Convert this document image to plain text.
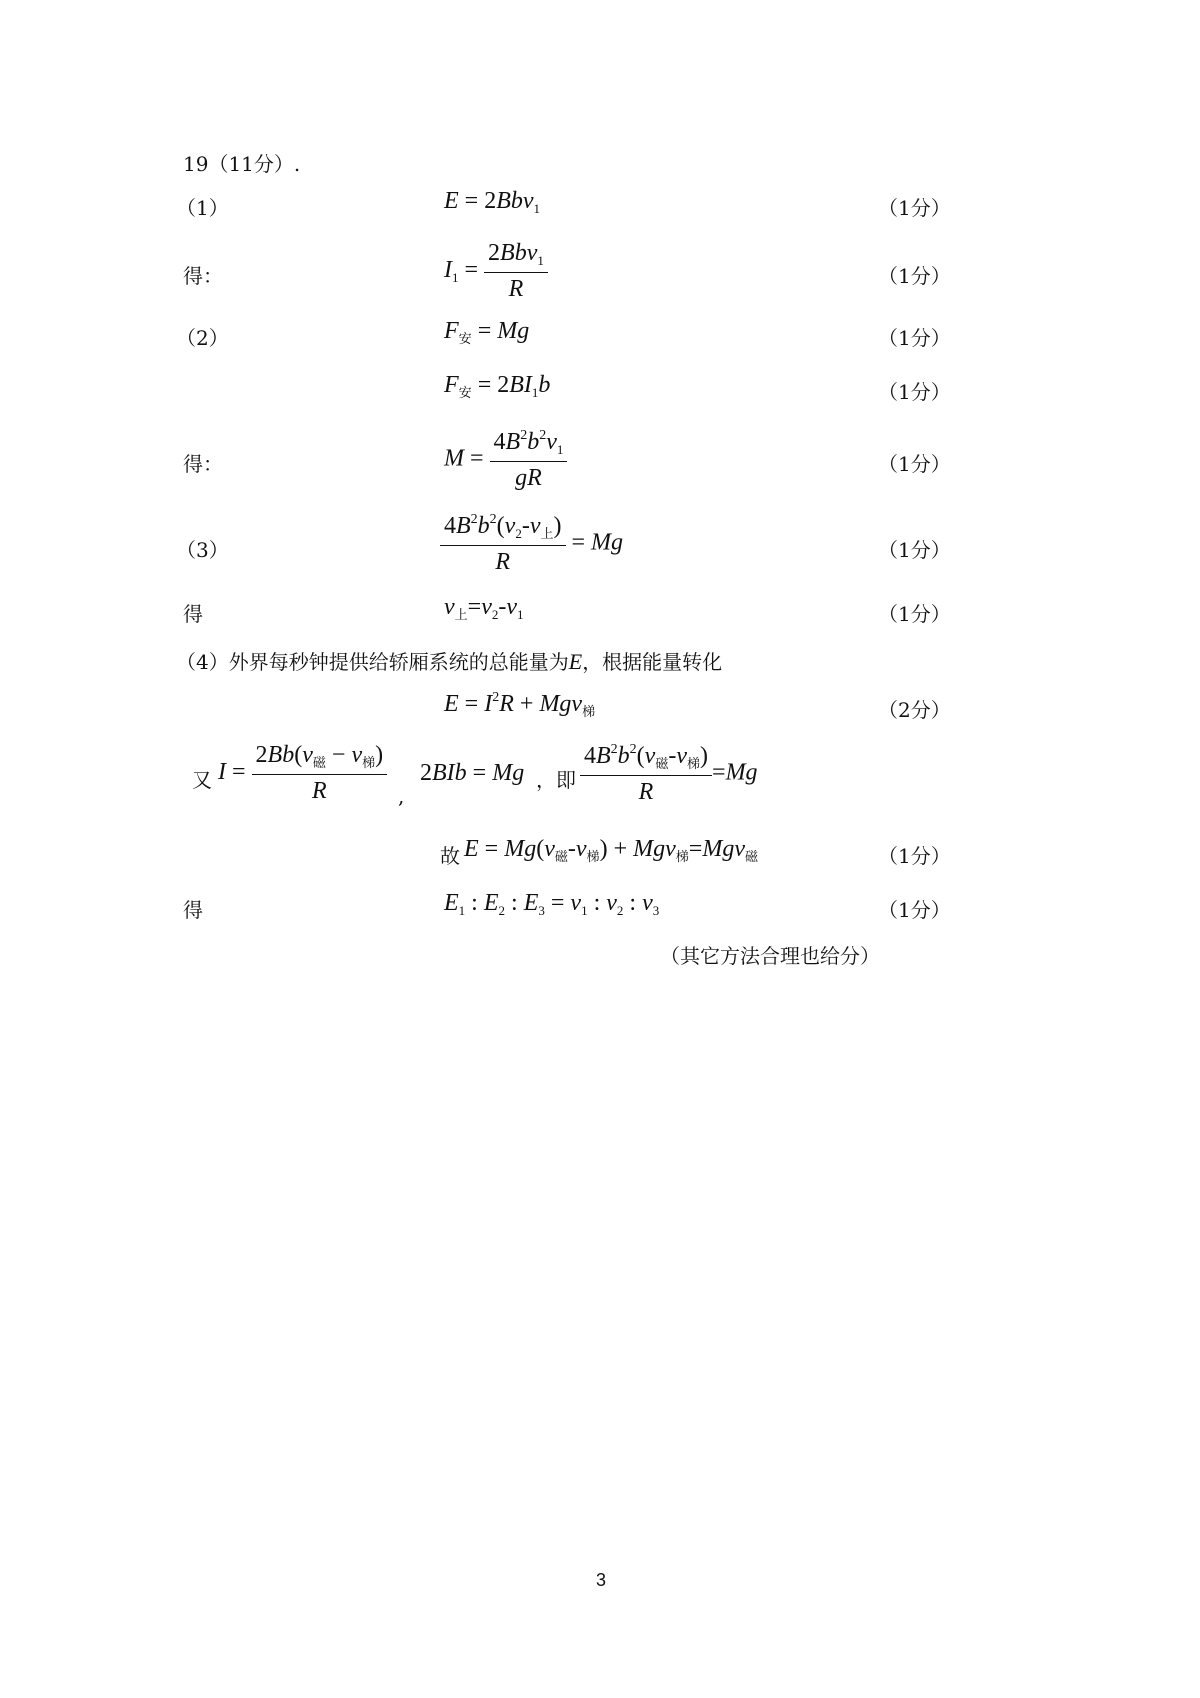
19（11分）.
（1）	E = 2Bbv$_1$	（1分）
得：	$I_1 = \frac{2Bbv_1}{R}$	（1分）
（2）	$F_安 = Mg$	（1分）
$F_安 = 2BI_1b$	（1分）
得：	$M = \frac{4B^2b^2v_1}{gR}$	（1分）
（3）	$\frac{4B^2b^2(v_2-v_上)}{R} = Mg$	（1分）
得	$v_上=v_2-v_1$	（1分）
（4）外界每秒钟提供给轿厢系统的总能量为E，根据能量转化
$E = I^2R + Mgv_梯$	（2分）
又 $I = \frac{2Bb(v_磁 - v_梯)}{R}$ ,
2BIb = Mg ， 即 $\frac{4B^2b^2(v_磁-v_梯)}{R} =Mg$
故 $E = Mg(v_磁-v_梯) + Mgv_梯=Mgv_磁$	（1分）
得	$E_1$ : $E_2$ : $E_3 = v_1$ : $v_2$ : $v_3$	（1分）
（其它方法合理也给分）
3
